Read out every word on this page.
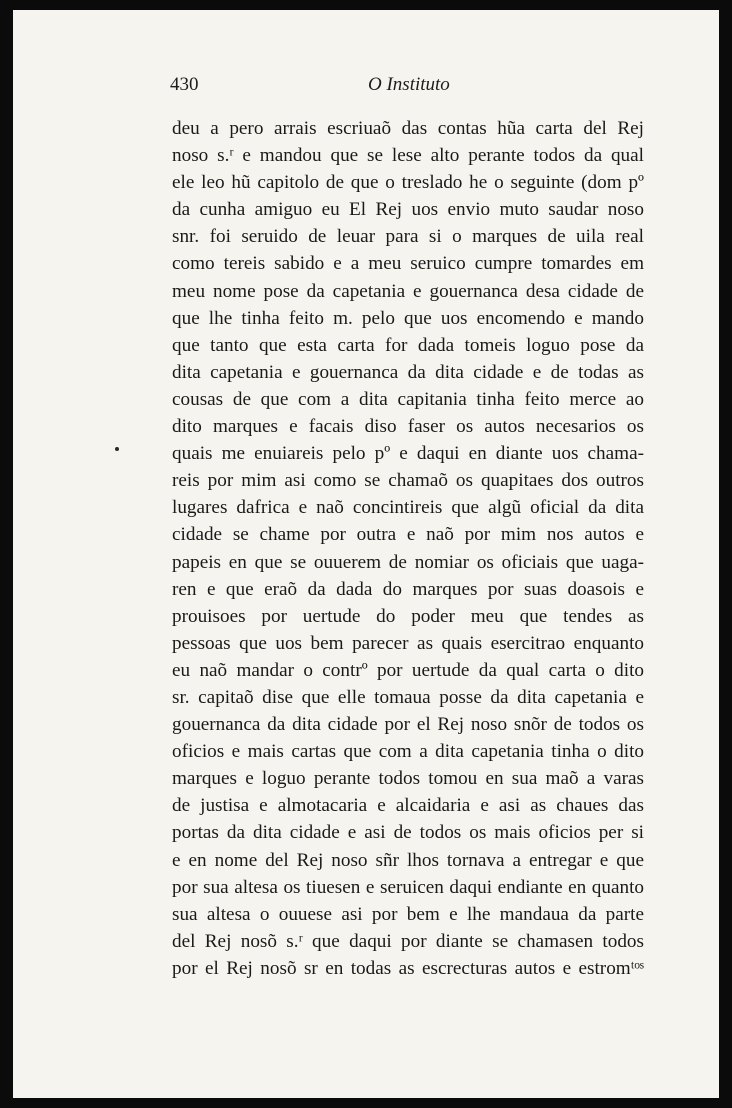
430	O Instituto
deu a pero arrais escriuaõ das contas hũa carta del Rej
noso s.ʳ e mandou que se lese alto perante todos da qual
ele leo hũ capitolo de que o treslado he o seguinte (dom pº
da cunha amiguo eu El Rej uos envio muto saudar noso
snr. foi seruido de leuar para si o marques de uila real
como tereis sabido e a meu seruico cumpre tomardes em
meu nome pose da capetania e gouernanca desa cidade de
que lhe tinha feito m. pelo que uos encomendo e mando
que tanto que esta carta for dada tomeis loguo pose da
dita capetania e gouernanca da dita cidade e de todas as
cousas de que com a dita capitania tinha feito merce ao
dito marques e facais diso faser os autos necesarios os
quais me enuiareis pelo pº e daqui en diante uos chama-
reis por mim asi como se chamaõ os quapitaes dos outros
lugares dafrica e naõ concintireis que algũ oficial da dita
cidade se chame por outra e naõ por mim nos autos e
papeis en que se ouuerem de nomiar os oficiais que uaga-
ren e que eraõ da dada do marques por suas doasois e
prouisoes por uertude do poder meu que tendes as
pessoas que uos bem parecer as quais esercitrao enquanto
eu naõ mandar o contrº por uertude da qual carta o dito
sr. capitaõ dise que elle tomaua posse da dita capetania e
gouernanca da dita cidade por el Rej noso snõr de todos os
oficios e mais cartas que com a dita capetania tinha o dito
marques e loguo perante todos tomou en sua maõ a varas
de justisa e almotacaria e alcaidaria e asi as chaues das
portas da dita cidade e asi de todos os mais oficios per si
e en nome del Rej noso sñr lhos tornava a entregar e que
por sua altesa os tiuesen e seruicen daqui endiante en quanto
sua altesa o ouuese asi por bem e lhe mandaua da parte
del Rej nosõ s.ʳ que daqui por diante se chamasen todos
por el Rej nosõ sr en todas as escrecturas autos e estromᵗᵒˢ
